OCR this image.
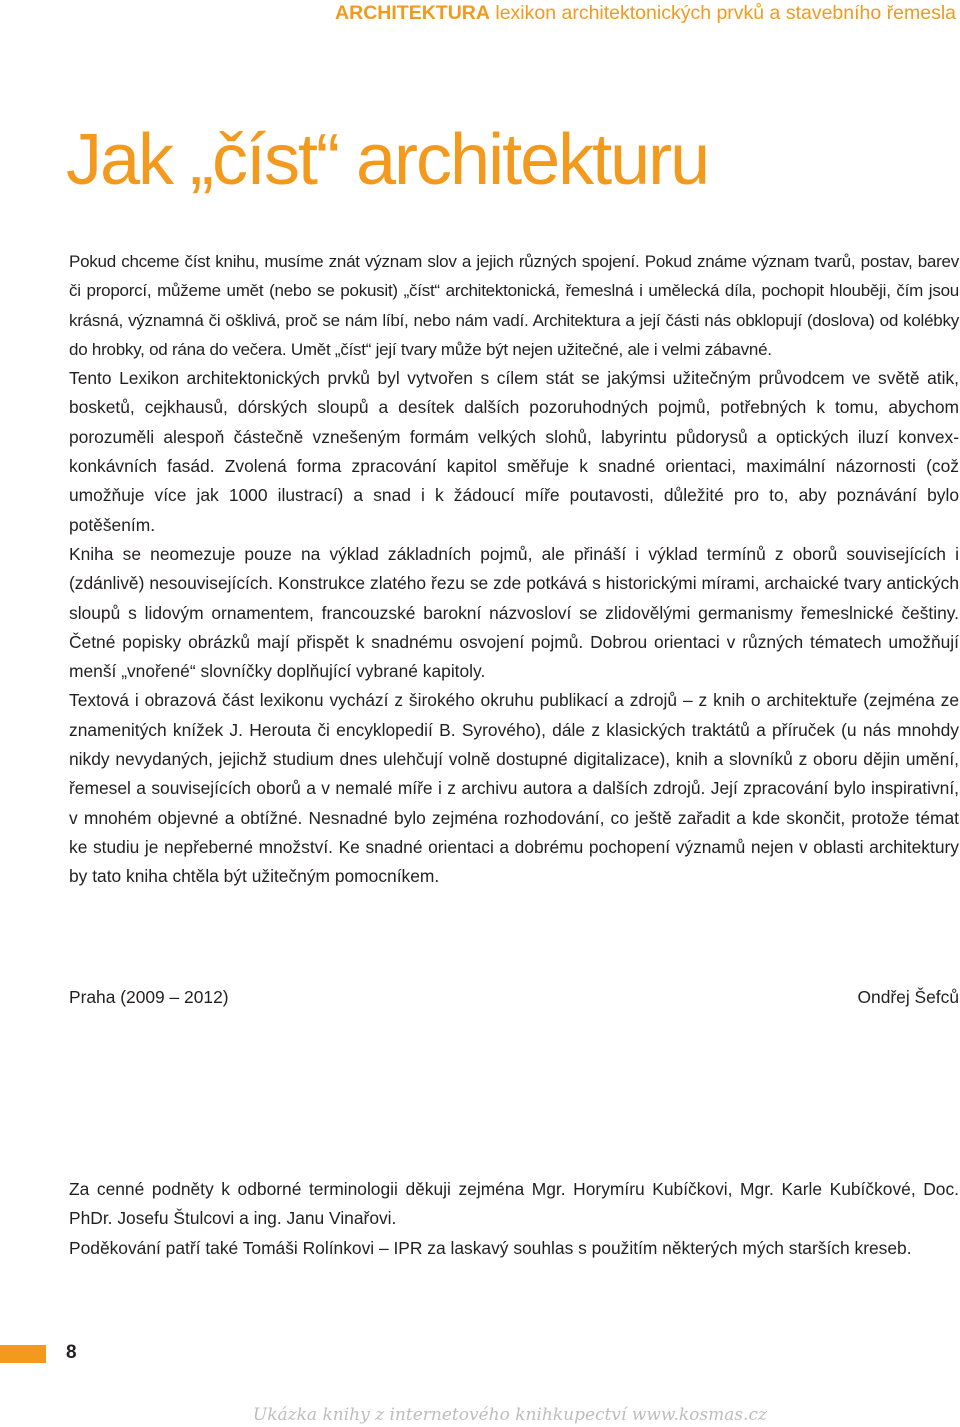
ARCHITEKTURA lexikon architektonických prvků a stavebního řemesla
Jak „číst“ architekturu

Pokud chceme číst knihu, musíme znát význam slov a jejich různých spojení. Pokud známe význam tvarů, postav, barev či proporcí, můžeme umět (nebo se pokusit) „číst“ architektonická, řemeslná i umělecká díla, pochopit hlouběji, čím jsou krásná, významná či ošklivá, proč se nám líbí, nebo nám vadí. Architektura a její části nás obklopují (doslova) od kolébky do hrobky, od rána do večera. Umět „číst“ její tvary může být nejen užitečné, ale i velmi zábavné.

Tento Lexikon architektonických prvků byl vytvořen s cílem stát se jakýmsi užitečným průvodcem ve světě atik, bosketů, cejkhausů, dórských sloupů a desítek dalších pozoruhodných pojmů, potřebných k tomu, abychom porozuměli alespoň částečně vznešeným formám velkých slohů, labyrintu půdorysů a optických iluzí konvex-konkávních fasád. Zvolená forma zpracování kapitol směřuje k snadné orientaci, maximální názornosti (což umožňuje více jak 1000 ilustrací) a snad i k žádoucí míře poutavosti, důležité pro to, aby poznávání bylo potěšením.

Kniha se neomezuje pouze na výklad základních pojmů, ale přináší i výklad termínů z oborů souvisejících i (zdánlivě) nesouvisejících. Konstrukce zlatého řezu se zde potkává s historickými mírami, archaické tvary antických sloupů s lidovým ornamentem, francouzské barokní názvosloví se zlidovělými germanismy řemeslnické češtiny. Četné popisky obrázků mají přispět k snadnému osvojení pojmů. Dobrou orientaci v různých tématech umožňují menší „vnořené“ slovníčky doplňující vybrané kapitoly.

Textová i obrazová část lexikonu vychází z širokého okruhu publikací a zdrojů – z knih o architektuře (zejména ze znamenitých knížek J. Herouta či encyklopedií B. Syrového), dále z klasických traktátů a příruček (u nás mnohdy nikdy nevydaných, jejichž studium dnes ulehčují volně dostupné digitalizace), knih a slovníků z oboru dějin umění, řemesel a souvisejících oborů a v nemalé míře i z archivu autora a dalších zdrojů. Její zpracování bylo inspirativní, v mnohém objevné a obtížné. Nesnadné bylo zejména rozhodování, co ještě zařadit a kde skončit, protože témat ke studiu je nepřeberné množství. Ke snadné orientaci a dobrému pochopení významů nejen v oblasti architektury by tato kniha chtěla být užitečným pomocníkem.

Praha (2009 – 2012)	Ondřej Šefců

Za cenné podněty k odborné terminologii děkuji zejména Mgr. Horymíru Kubíčkovi, Mgr. Karle Kubíčkové, Doc. PhDr. Josefu Štulcovi a ing. Janu Vinařovi.

Poděkování patří také Tomáši Rolínkovi – IPR za laskavý souhlas s použitím některých mých starších kreseb.

8
Ukázka knihy z internetového knihkupectví www.kosmas.cz
